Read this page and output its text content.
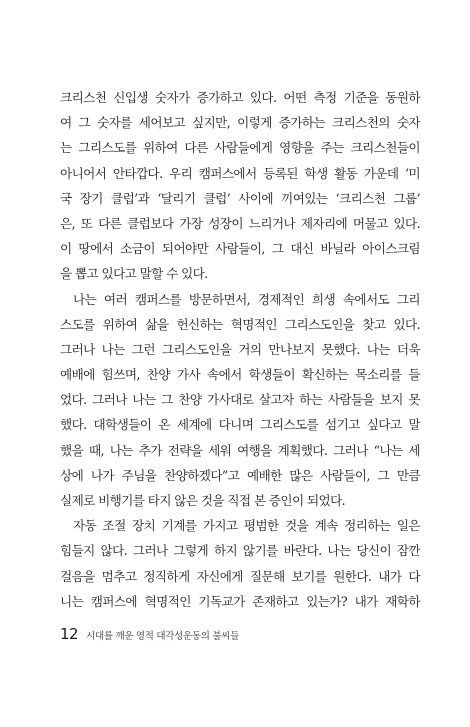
크리스천 신입생 숫자가 증가하고 있다. 어떤 측정 기준을 동원하
여 그 숫자를 세어보고 싶지만, 이렇게 증가하는 크리스천의 숫자
는 그리스도를 위하여 다른 사람들에게 영향을 주는 크리스천들이
아니어서 안타깝다. 우리 캠퍼스에서 등록된 학생 활동 가운데 ‘미
국 장기 클럽’과 ‘달리기 클럽’ 사이에 끼여있는 ‘크리스천 그룹’
은, 또 다른 클럽보다 가장 성장이 느리거나 제자리에 머물고 있다.
이 땅에서 소금이 되어야만 사람들이, 그 대신 바닐라 아이스크림
을 뽑고 있다고 말할 수 있다.
나는 여러 캠퍼스를 방문하면서, 경제적인 희생 속에서도 그리
스도를 위하여 삶을 헌신하는 혁명적인 그리스도인을 찾고 있다.
그러나 나는 그런 그리스도인을 거의 만나보지 못했다. 나는 더욱
예배에 힘쓰며, 찬양 가사 속에서 학생들이 확신하는 목소리를 들
었다. 그러나 나는 그 찬양 가사대로 살고자 하는 사람들을 보지 못
했다. 대학생들이 온 세계에 다니며 그리스도를 섬기고 싶다고 말
했을 때, 나는 추가 전략을 세워 여행을 계획했다. 그러나 “나는 세
상에 나가 주님을 찬양하겠다”고 예배한 많은 사람들이, 그 만큼
실제로 비행기를 타지 않은 것을 직접 본 증인이 되었다.
자동 조절 장치 기계를 가지고 평범한 것을 계속 정리하는 일은
힘들지 않다. 그러나 그렇게 하지 않기를 바란다. 나는 당신이 잠깐
걸음을 멈추고 정직하게 자신에게 질문해 보기를 원한다. 내가 다
니는 캠퍼스에 혁명적인 기독교가 존재하고 있는가? 내가 재학하
12 시대를 깨운 영적 대각성운동의 불씨들
